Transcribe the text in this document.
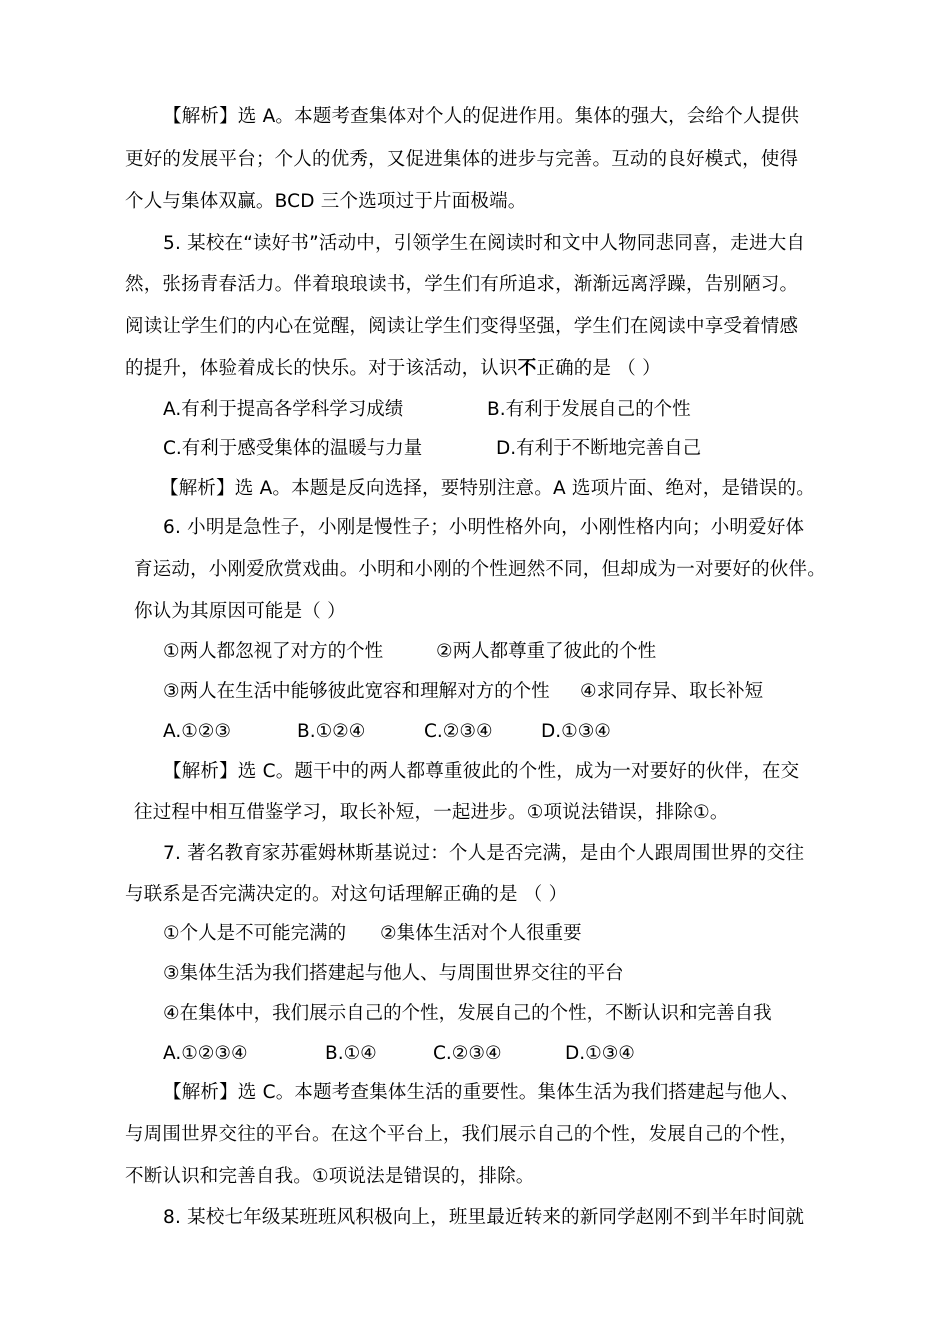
【解析】选 A。本题考查集体对个人的促进作用。集体的强大，会给个人提供
更好的发展平台；个人的优秀，又促进集体的进步与完善。互动的良好模式，使得
个人与集体双赢。BCD 三个选项过于片面极端。
5. 某校在“读好书”活动中，引领学生在阅读时和文中人物同悲同喜，走进大自
然，张扬青春活力。伴着琅琅读书，学生们有所追求，渐渐远离浮躁，告别陋习。
阅读让学生们的内心在觉醒，阅读让学生们变得坚强，学生们在阅读中享受着情感
的提升，体验着成长的快乐。对于该活动，认识不正确的是 （ ）
A.有利于提高各学科学习成绩	B.有利于发展自己的个性
C.有利于感受集体的温暖与力量	D.有利于不断地完善自己
【解析】选 A。本题是反向选择，要特别注意。A 选项片面、绝对，是错误的。
6. 小明是急性子，小刚是慢性子；小明性格外向，小刚性格内向；小明爱好体
育运动，小刚爱欣赏戏曲。小明和小刚的个性迥然不同，但却成为一对要好的伙伴。
你认为其原因可能是（ ）
①两人都忽视了对方的个性	②两人都尊重了彼此的个性
③两人在生活中能够彼此宽容和理解对方的个性 ④求同存异、取长补短
A.①②③	B.①②④	C.②③④	D.①③④
【解析】选 C。题干中的两人都尊重彼此的个性，成为一对要好的伙伴，在交
往过程中相互借鉴学习，取长补短，一起进步。①项说法错误，排除①。
7. 著名教育家苏霍姆林斯基说过：个人是否完满，是由个人跟周围世界的交往
与联系是否完满决定的。对这句话理解正确的是 （ ）
①个人是不可能完满的 ②集体生活对个人很重要
③集体生活为我们搭建起与他人、与周围世界交往的平台
④在集体中，我们展示自己的个性，发展自己的个性，不断认识和完善自我
A.①②③④	B.①④	C.②③④	D.①③④
【解析】选 C。本题考查集体生活的重要性。集体生活为我们搭建起与他人、
与周围世界交往的平台。在这个平台上，我们展示自己的个性，发展自己的个性，
不断认识和完善自我。①项说法是错误的，排除。
8. 某校七年级某班班风积极向上，班里最近转来的新同学赵刚不到半年时间就
